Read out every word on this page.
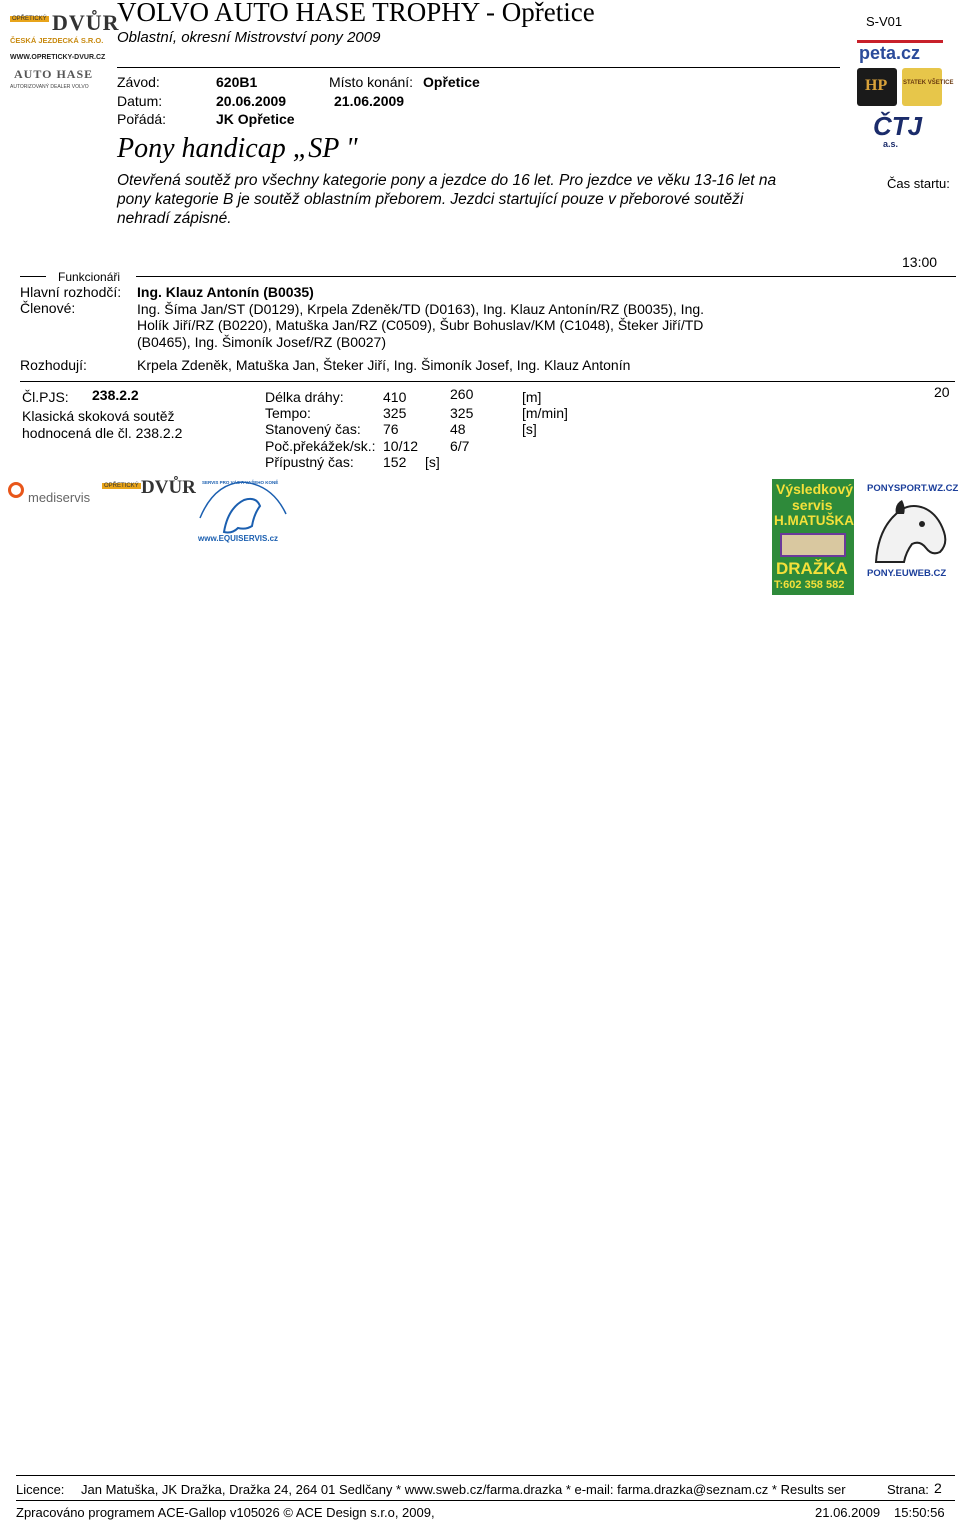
OPŘETICKÝ DVŮR
ČESKÁ JEZDECKÁ S.R.O.
WWW.OPRETICKY-DVUR.CZ
AUTO HASE
AUTORIZOVANÝ DEALER VOLVO
VOLVO AUTO HASE TROPHY - Opřetice
Oblastní, okresní Mistrovství pony 2009
S-V01
peta.cz
HP	STATEK VŠETICE
ČTJ
a.s.
Závod:	620B1	Místo konání: Opřetice
Datum:	20.06.2009	21.06.2009
Pořádá:	JK Opřetice
Pony handicap „SP "
Otevřená soutěž pro všechny kategorie pony a jezdce do 16 let. Pro jezdce ve věku 13-16 let na
pony kategorie B je soutěž oblastním přeborem. Jezdci startující pouze v přeborové soutěži
nehradí zápisné.
Čas startu:
13:00
Funkcionáři
Hlavní rozhodčí: Ing. Klauz Antonín (B0035)
Členové:	Ing. Šíma Jan/ST (D0129), Krpela Zdeněk/TD (D0163), Ing. Klauz Antonín/RZ (B0035), Ing.
Holík Jiří/RZ (B0220), Matuška Jan/RZ (C0509), Šubr Bohuslav/KM (C1048), Šteker Jiří/TD
(B0465), Ing. Šimoník Josef/RZ (B0027)
Rozhodují:	Krpela Zdeněk, Matuška Jan, Šteker Jiří, Ing. Šimoník Josef, Ing. Klauz Antonín
Čl.PJS: 238.2.2
Klasická skoková soutěž
hodnocená dle čl. 238.2.2
20
Délka dráhy:	410	260	[m]
Tempo:	325	325	[m/min]
Stanovený čas: 76	48	[s]
Poč.překážek/sk.: 10/12 6/7
Přípustný čas: 152 [s]
mediservis
OPŘETICKÝ DVŮR SERVIS PRO VÁS A VAŠEHO KONĚ
www.EQUISERVIS.cz
Výsledkový
servis
H.MATUŠKA
DRAŽKA
T:602 358 582
PONYSPORT.WZ.CZ
PONY.EUWEB.CZ
Licence: Jan Matuška, JK Dražka, Dražka 24, 264 01 Sedlčany * www.sweb.cz/farma.drazka * e-mail: farma.drazka@seznam.cz * Results ser	Strana: 2
Zpracováno programem ACE-Gallop v105026 © ACE Design s.r.o, 2009,	21.06.2009 15:50:56
